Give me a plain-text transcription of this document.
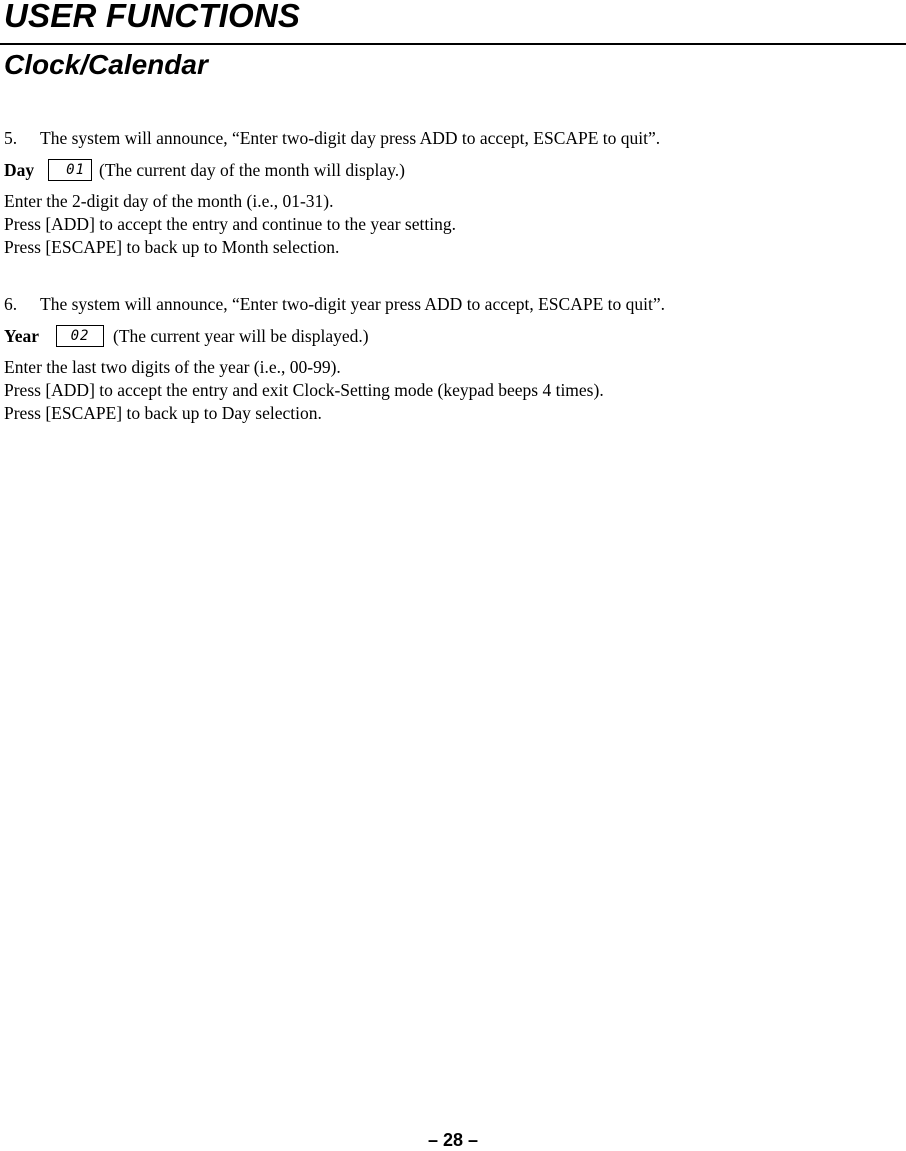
USER FUNCTIONS
Clock/Calendar
5. The system will announce, “Enter two-digit day press ADD to accept, ESCAPE to quit”.
Day	01 (The current day of the month will display.)
Enter the 2-digit day of the month (i.e., 01-31).
Press [ADD] to accept the entry and continue to the year setting.
Press [ESCAPE] to back up to Month selection.
6. The system will announce, “Enter two-digit year press ADD to accept, ESCAPE to quit”.
Year	02	(The current year will be displayed.)
Enter the last two digits of the year (i.e., 00-99).
Press [ADD] to accept the entry and exit Clock-Setting mode (keypad beeps 4 times).
Press [ESCAPE] to back up to Day selection.
– 28 –
